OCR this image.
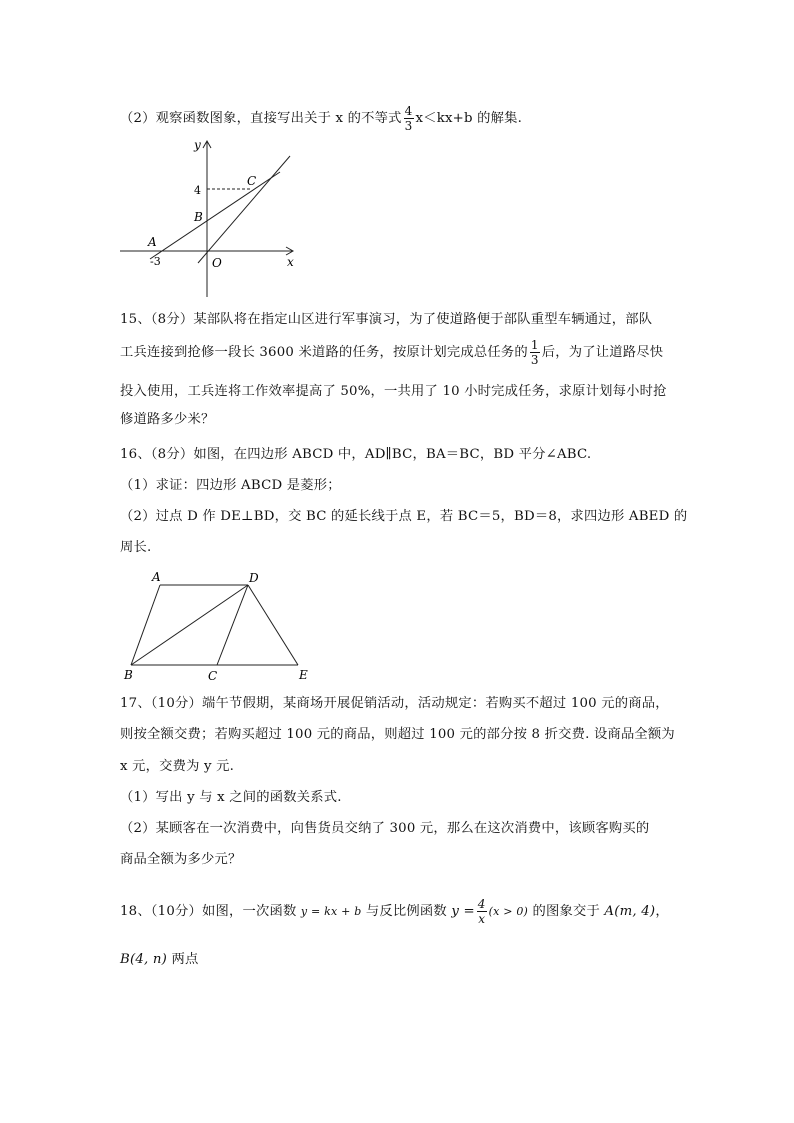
（2）观察函数图象，直接写出关于 x 的不等式 $\frac{4}{3} x<kx+b$ 的解集.
y
x
4
C
B
A
-3	O
15、（8分）某部队将在指定山区进行军事演习，为了使道路便于部队重型车辆通过，部队
工兵连接到抢修一段长 3600 米道路的任务，按原计划完成总任务的 $\frac{1}{3}$ 后，为了让道路尽快
投入使用，工兵连将工作效率提高了 50%，一共用了 10 小时完成任务，求原计划每小时抢
修道路多少米？
16、（8分）如图，在四边形 ABCD 中，AD∥BC，BA＝BC，BD 平分∠ABC.
（1）求证：四边形 ABCD 是菱形；
（2）过点 D 作 DE⊥BD，交 BC 的延长线于点 E，若 BC＝5，BD＝8，求四边形 ABED 的
周长.
A	D
B	C	E
17、（10分）端午节假期，某商场开展促销活动，活动规定：若购买不超过 100 元的商品，
则按全额交费；若购买超过 100 元的商品，则超过 100 元的部分按 8 折交费. 设商品全额为
x 元，交费为 y 元.
（1）写出 y 与 x 之间的函数关系式.
（2）某顾客在一次消费中，向售货员交纳了 300 元，那么在这次消费中，该顾客购买的
商品全额为多少元？
18、（10分）如图，一次函数 y = kx + b 与反比例函数 $y = \frac{4}{x} (x > 0)$ 的图象交于 A(m, 4)，
B(4, n) 两点
